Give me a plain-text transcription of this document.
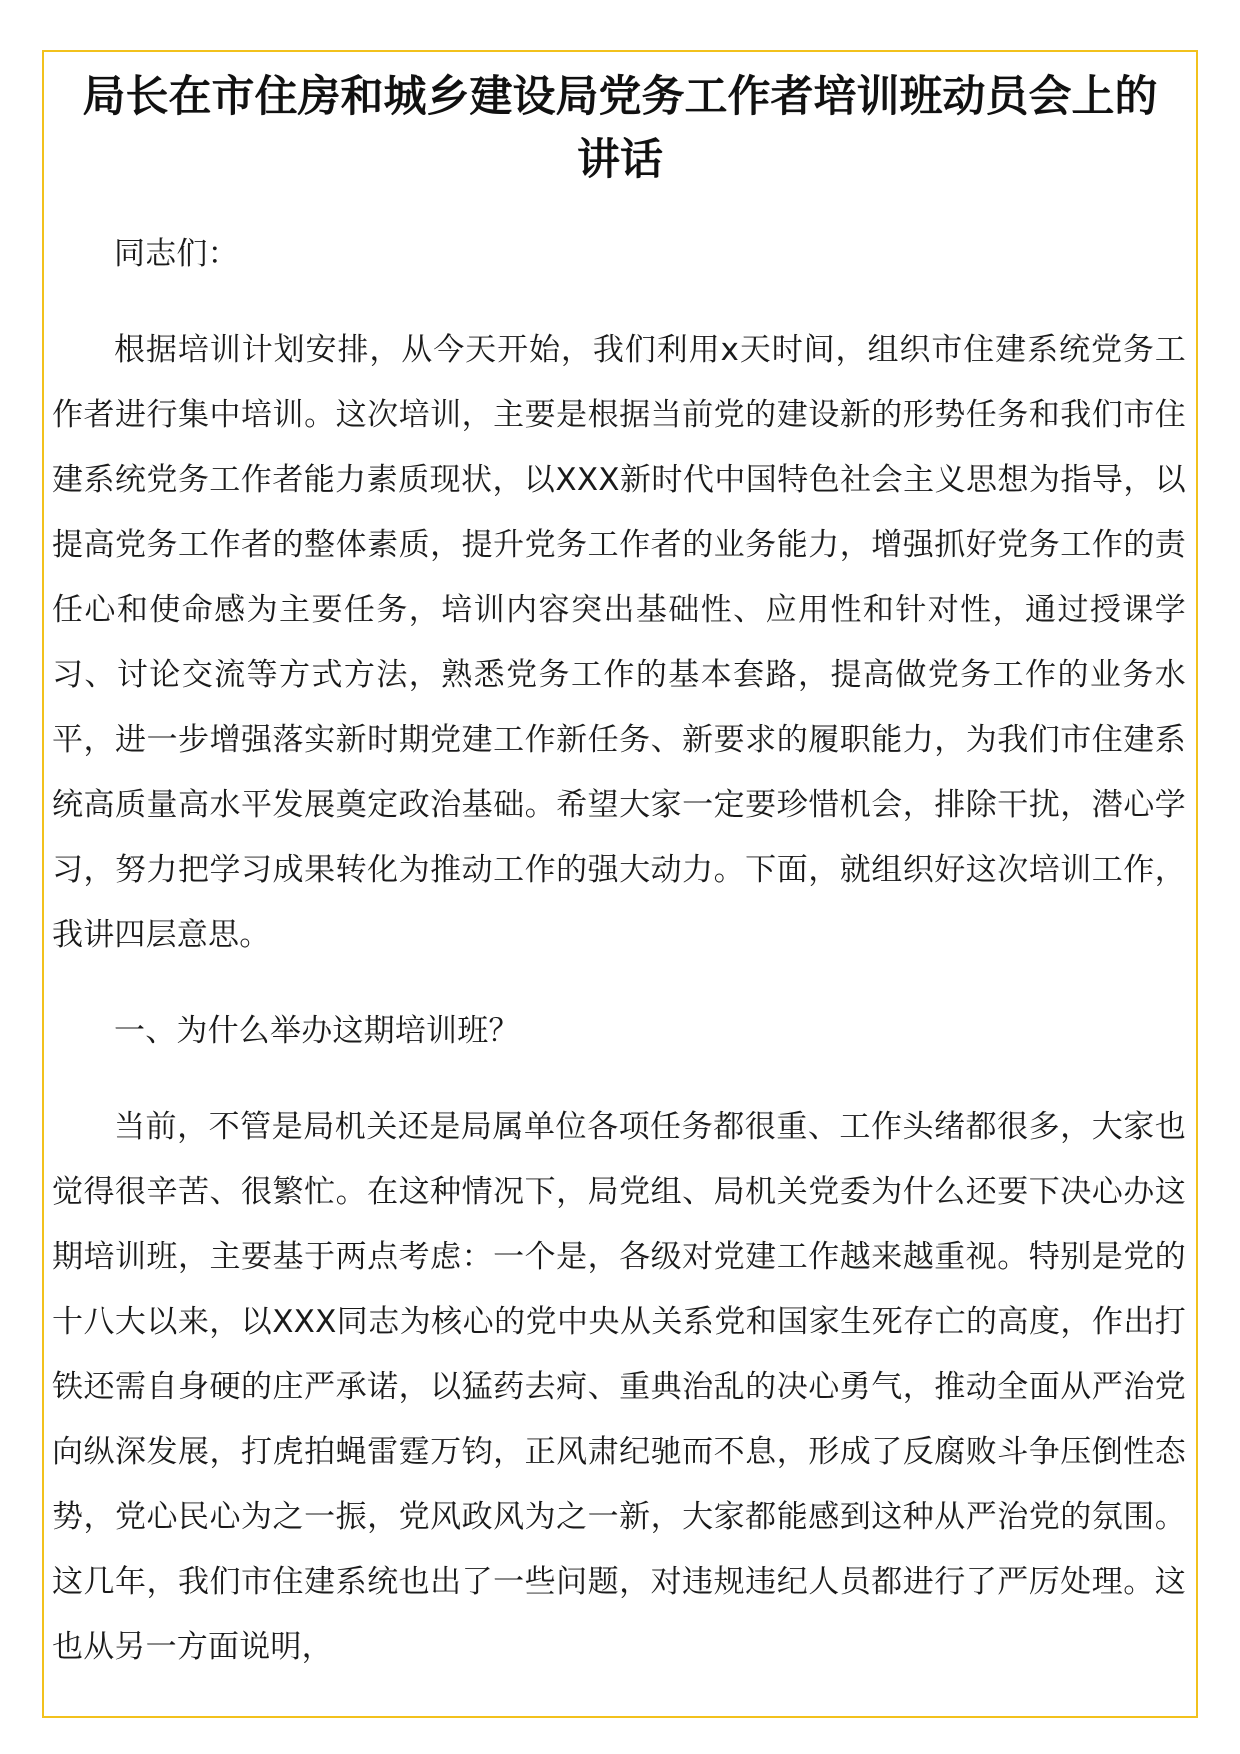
局长在市住房和城乡建设局党务工作者培训班动员会上的讲话

同志们：

根据培训计划安排，从今天开始，我们利用x天时间，组织市住建系统党务工作者进行集中培训。这次培训，主要是根据当前党的建设新的形势任务和我们市住建系统党务工作者能力素质现状，以XXX新时代中国特色社会主义思想为指导，以提高党务工作者的整体素质，提升党务工作者的业务能力，增强抓好党务工作的责任心和使命感为主要任务，培训内容突出基础性、应用性和针对性，通过授课学习、讨论交流等方式方法，熟悉党务工作的基本套路，提高做党务工作的业务水平，进一步增强落实新时期党建工作新任务、新要求的履职能力，为我们市住建系统高质量高水平发展奠定政治基础。希望大家一定要珍惜机会，排除干扰，潜心学习，努力把学习成果转化为推动工作的强大动力。下面，就组织好这次培训工作，我讲四层意思。

一、为什么举办这期培训班？

当前，不管是局机关还是局属单位各项任务都很重、工作头绪都很多，大家也觉得很辛苦、很繁忙。在这种情况下，局党组、局机关党委为什么还要下决心办这期培训班，主要基于两点考虑：一个是，各级对党建工作越来越重视。特别是党的十八大以来，以XXX同志为核心的党中央从关系党和国家生死存亡的高度，作出打铁还需自身硬的庄严承诺，以猛药去疴、重典治乱的决心勇气，推动全面从严治党向纵深发展，打虎拍蝇雷霆万钧，正风肃纪驰而不息，形成了反腐败斗争压倒性态势，党心民心为之一振，党风政风为之一新，大家都能感到这种从严治党的氛围。这几年，我们市住建系统也出了一些问题，对违规违纪人员都进行了严厉处理。这也从另一方面说明，
